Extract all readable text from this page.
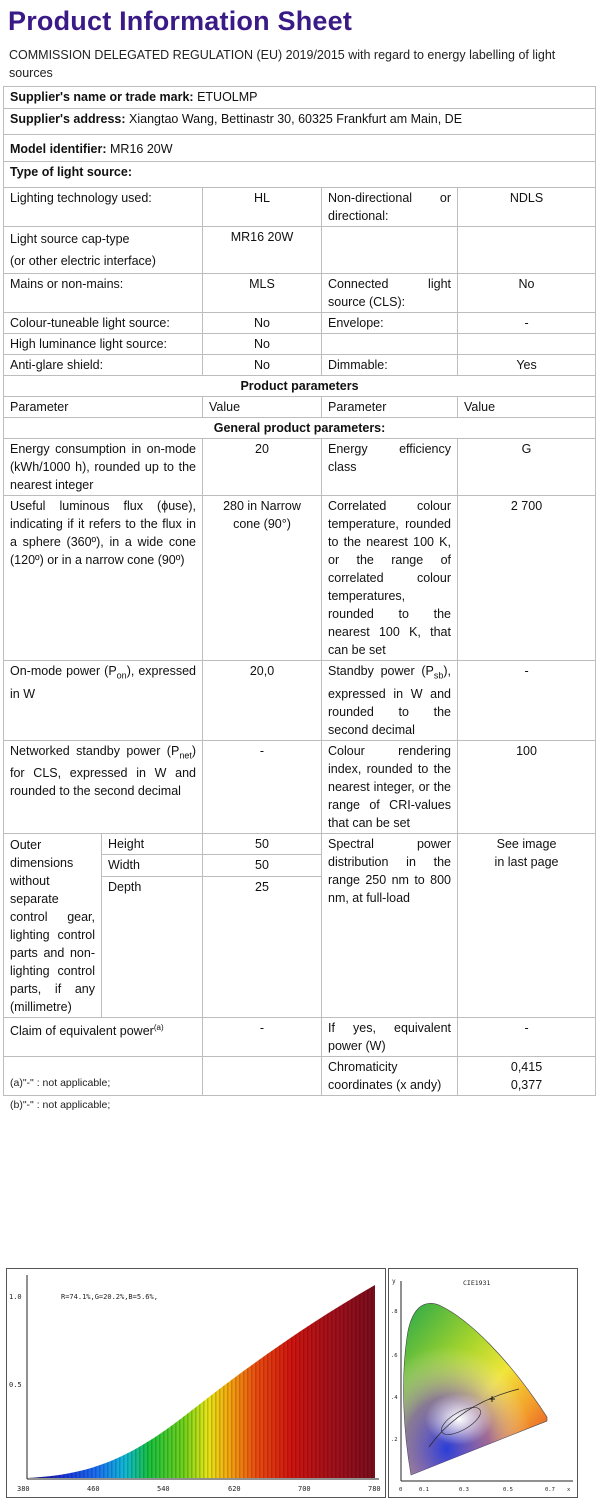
Product Information Sheet
COMMISSION DELEGATED REGULATION (EU) 2019/2015 with regard to energy labelling of light sources
Supplier's name or trade mark: ETUOLMP				
Supplier's address: Xiangtao Wang, Bettinastr 30, 60325 Frankfurt am Main, DE				
Model identifier: MR16 20W				
Type of light source:				
Lighting technology used:		HL	Non-directional or directional:	NDLS

Light source cap-type
(or other electric interface)		MR16 20W		
Mains or non-mains:		MLS	Connected light source (CLS):	No
Colour-tuneable light source:		No	Envelope:	-
High luminance light source:		No		
Anti-glare shield:		No	Dimmable:	Yes
Product parameters				
Parameter		Value	Parameter	Value
General product parameters:				
Energy consumption in on-mode (kWh/1000 h), rounded up to the nearest integer		20	Energy efficiency class	G
Useful luminous flux (ϕuse), indicating if it refers to the flux in a sphere (360º), in a wide cone (120º) or in a narrow cone (90º)		280 in Narrow cone (90°)	Correlated colour temperature, rounded to the nearest 100 K, or the range of correlated colour temperatures, rounded to the nearest 100 K, that can be set	2 700
On-mode power $(P_{on})$, expressed in W		20,0	Standby power $(P_{sb})$, expressed in W and rounded to the second decimal	-
Networked standby power $(P_{net})$ for CLS, expressed in W and rounded to the second decimal		-	Colour rendering index, rounded to the nearest integer, or the range of CRI-values that can be set	100
Outer dimensions without separate control gear, lighting control parts and non-lighting control parts, if any (millimetre)	Height	50	Spectral power distribution in the range 250 nm to 800 nm, at full-load	See image
in last page

	Width	50		
	Depth	25		
Claim of equivalent power$^{(a)}$		-	If yes, equivalent power (W)	-
			Chromaticity coordinates (x andy)	0,415
0,377
(a)"-" : not applicable;
(b)"-" : not applicable;
1.0
0.5
R=74.1%,G=20.2%,B=5.6%,
380	460	540	620	700	780
CIE1931
y
.8
.6
.4
.2
0	0.1	0.3	0.5	0.7 x
